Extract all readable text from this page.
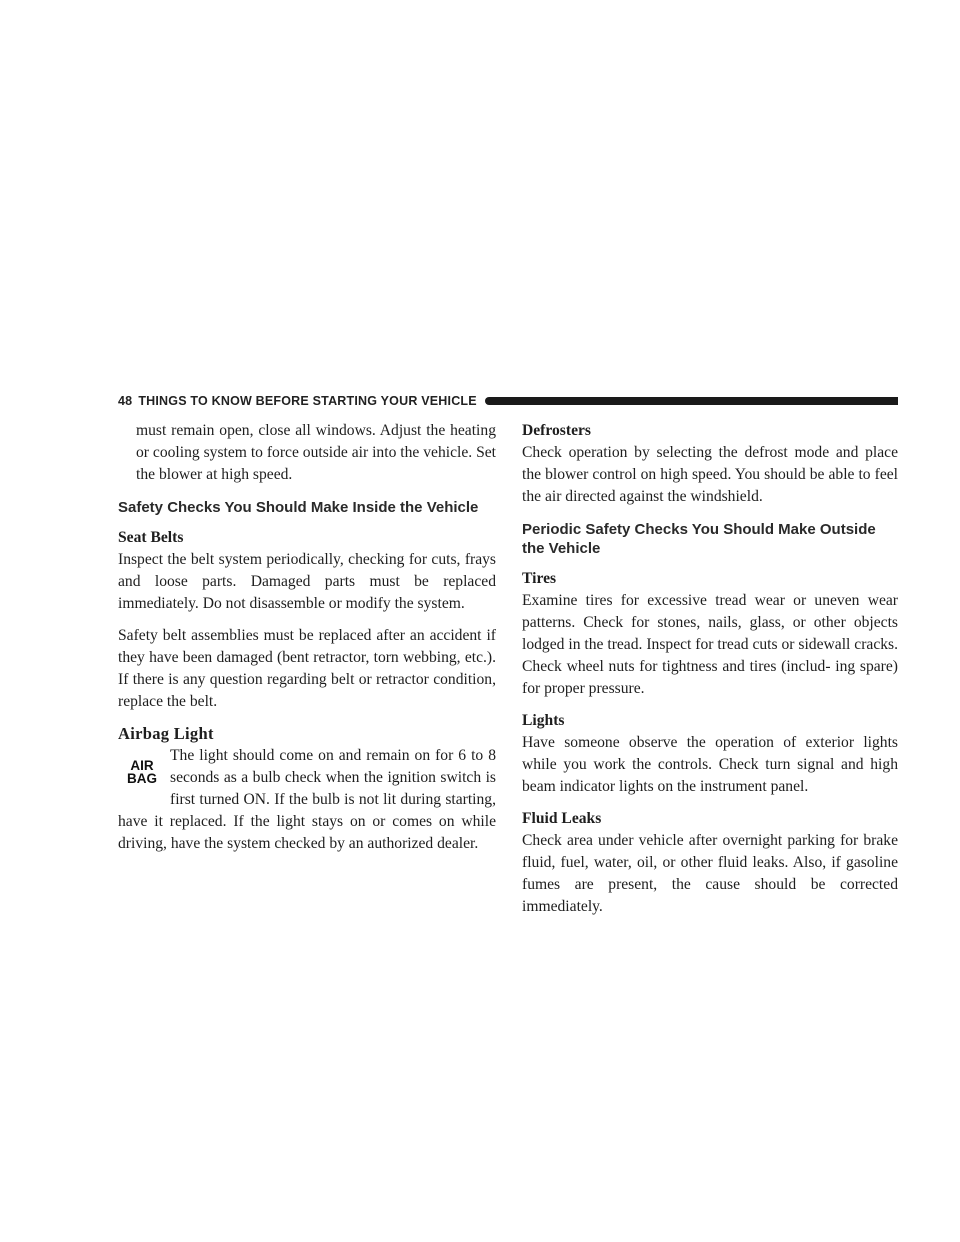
48 THINGS TO KNOW BEFORE STARTING YOUR VEHICLE

must remain open, close all windows. Adjust the heating or cooling system to force outside air into the vehicle. Set the blower at high speed.

Safety Checks You Should Make Inside the Vehicle
Seat Belts

Inspect the belt system periodically, checking for cuts, frays and loose parts. Damaged parts must be replaced immediately. Do not disassemble or modify the system.

Safety belt assemblies must be replaced after an accident if they have been damaged (bent retractor, torn webbing, etc.). If there is any question regarding belt or retractor condition, replace the belt.

Airbag Light
AIR
BAG

The light should come on and remain on for 6 to 8 seconds as a bulb check when the ignition switch is first turned ON. If the bulb is not lit during starting, have it replaced. If the light stays on or comes on while driving, have the system checked by an authorized dealer.

Defrosters

Check operation by selecting the defrost mode and place the blower control on high speed. You should be able to feel the air directed against the windshield.

Periodic Safety Checks You Should Make Outside the Vehicle
Tires

Examine tires for excessive tread wear or uneven wear patterns. Check for stones, nails, glass, or other objects lodged in the tread. Inspect for tread cuts or sidewall cracks. Check wheel nuts for tightness and tires (includ- ing spare) for proper pressure.

Lights

Have someone observe the operation of exterior lights while you work the controls. Check turn signal and high beam indicator lights on the instrument panel.

Fluid Leaks

Check area under vehicle after overnight parking for brake fluid, fuel, water, oil, or other fluid leaks. Also, if gasoline fumes are present, the cause should be corrected immediately.
